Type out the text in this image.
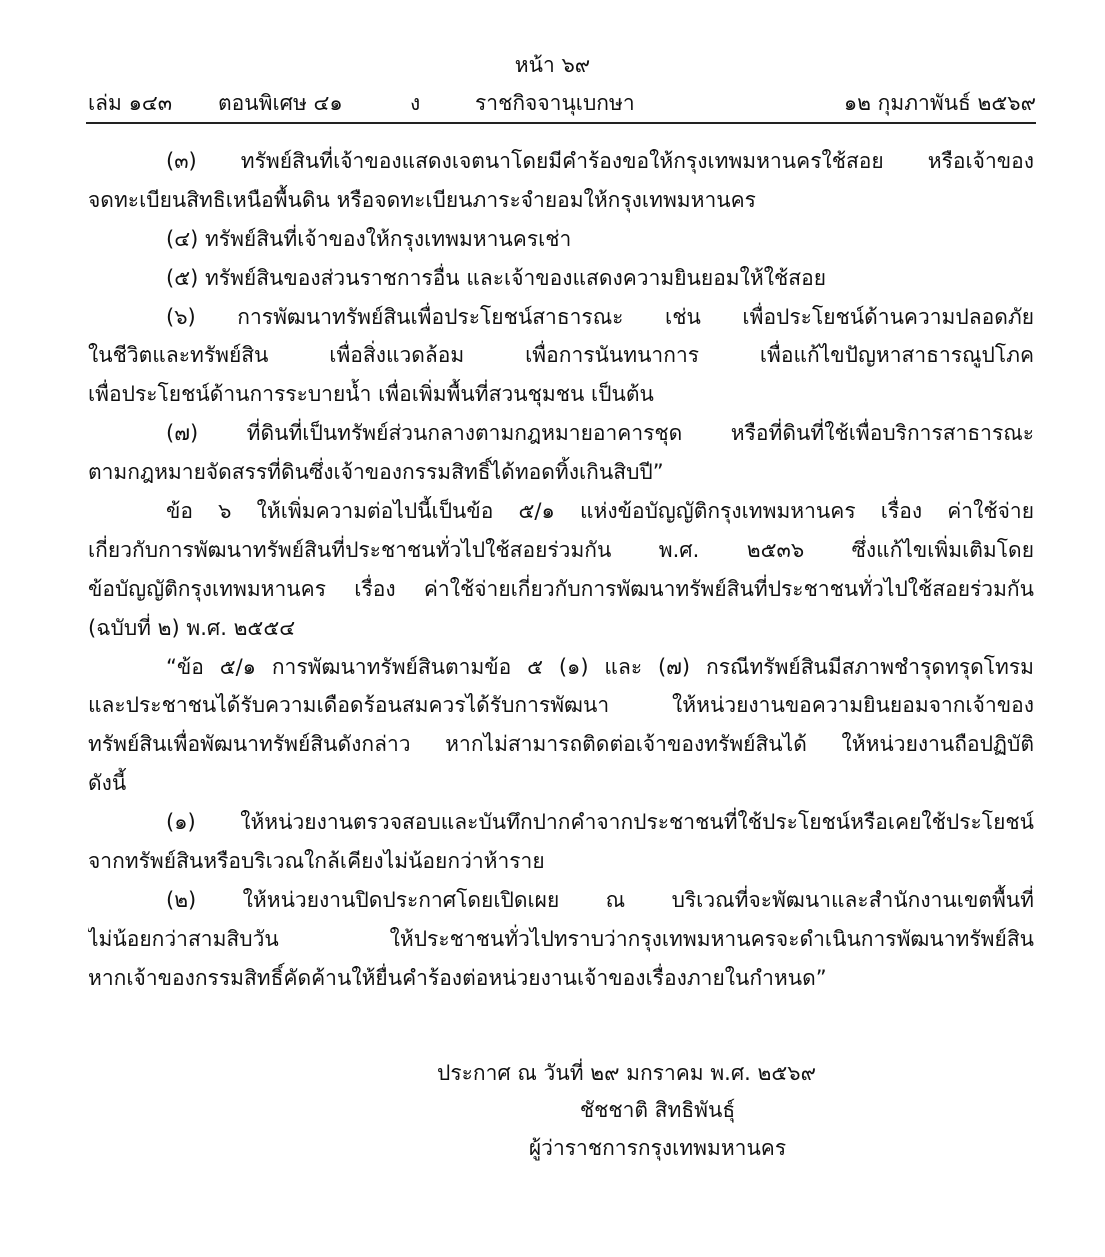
หน้า ๖๙
เล่ม ๑๔๓ ตอนพิเศษ ๔๑	ง	ราชกิจจานุเบกษา	๑๒ กุมภาพันธ์ ๒๕๖๙
(๓) ทรัพย์สินที่เจ้าของแสดงเจตนาโดยมีคำร้องขอให้กรุงเทพมหานครใช้สอย หรือเจ้าของ
จดทะเบียนสิทธิเหนือพื้นดิน หรือจดทะเบียนภาระจำยอมให้กรุงเทพมหานคร
(๔) ทรัพย์สินที่เจ้าของให้กรุงเทพมหานครเช่า
(๕) ทรัพย์สินของส่วนราชการอื่น และเจ้าของแสดงความยินยอมให้ใช้สอย
(๖) การพัฒนาทรัพย์สินเพื่อประโยชน์สาธารณะ เช่น เพื่อประโยชน์ด้านความปลอดภัย
ในชีวิตและทรัพย์สิน เพื่อสิ่งแวดล้อม เพื่อการนันทนาการ เพื่อแก้ไขปัญหาสาธารณูปโภค
เพื่อประโยชน์ด้านการระบายน้ำ เพื่อเพิ่มพื้นที่สวนชุมชน เป็นต้น
(๗) ที่ดินที่เป็นทรัพย์ส่วนกลางตามกฎหมายอาคารชุด หรือที่ดินที่ใช้เพื่อบริการสาธารณะ
ตามกฎหมายจัดสรรที่ดินซึ่งเจ้าของกรรมสิทธิ์ได้ทอดทิ้งเกินสิบปี”
ข้อ ๖ ให้เพิ่มความต่อไปนี้เป็นข้อ ๕/๑ แห่งข้อบัญญัติกรุงเทพมหานคร เรื่อง ค่าใช้จ่าย
เกี่ยวกับการพัฒนาทรัพย์สินที่ประชาชนทั่วไปใช้สอยร่วมกัน พ.ศ. ๒๕๓๖ ซึ่งแก้ไขเพิ่มเติมโดย
ข้อบัญญัติกรุงเทพมหานคร เรื่อง ค่าใช้จ่ายเกี่ยวกับการพัฒนาทรัพย์สินที่ประชาชนทั่วไปใช้สอยร่วมกัน
(ฉบับที่ ๒) พ.ศ. ๒๕๕๔
“ข้อ ๕/๑ การพัฒนาทรัพย์สินตามข้อ ๕ (๑) และ (๗) กรณีทรัพย์สินมีสภาพชำรุดทรุดโทรม
และประชาชนได้รับความเดือดร้อนสมควรได้รับการพัฒนา ให้หน่วยงานขอความยินยอมจากเจ้าของ
ทรัพย์สินเพื่อพัฒนาทรัพย์สินดังกล่าว หากไม่สามารถติดต่อเจ้าของทรัพย์สินได้ ให้หน่วยงานถือปฏิบัติ
ดังนี้
(๑) ให้หน่วยงานตรวจสอบและบันทึกปากคำจากประชาชนที่ใช้ประโยชน์หรือเคยใช้ประโยชน์
จากทรัพย์สินหรือบริเวณใกล้เคียงไม่น้อยกว่าห้าราย
(๒) ให้หน่วยงานปิดประกาศโดยเปิดเผย ณ บริเวณที่จะพัฒนาและสำนักงานเขตพื้นที่
ไม่น้อยกว่าสามสิบวัน ให้ประชาชนทั่วไปทราบว่ากรุงเทพมหานครจะดำเนินการพัฒนาทรัพย์สิน
หากเจ้าของกรรมสิทธิ์คัดค้านให้ยื่นคำร้องต่อหน่วยงานเจ้าของเรื่องภายในกำหนด”
ประกาศ ณ วันที่ ๒๙ มกราคม พ.ศ. ๒๕๖๙
ชัชชาติ สิทธิพันธุ์
ผู้ว่าราชการกรุงเทพมหานคร
